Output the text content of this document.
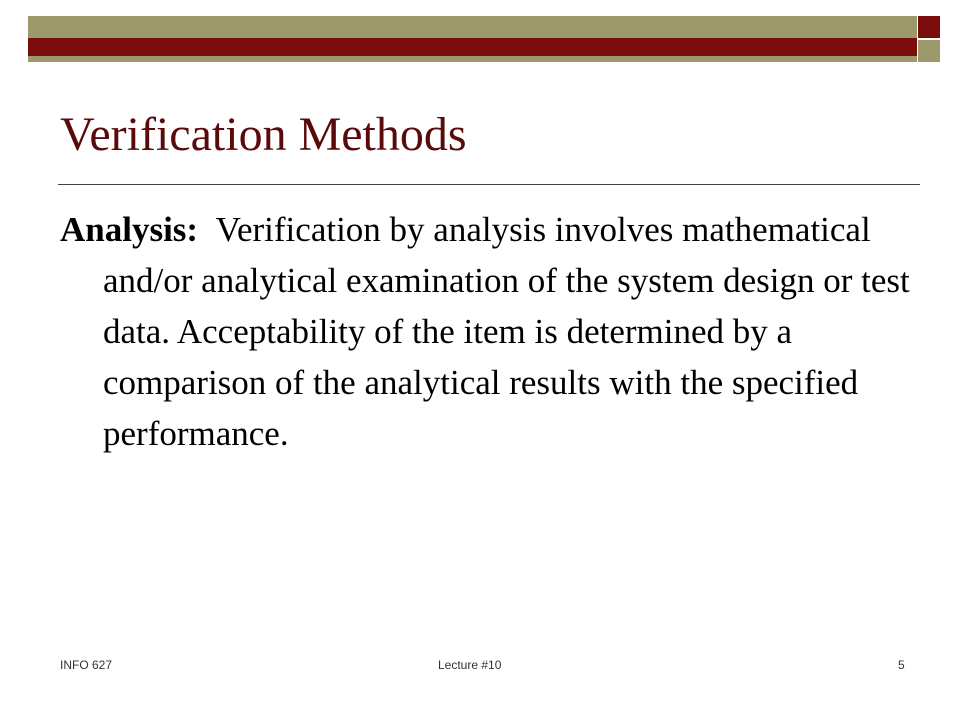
Verification Methods
Analysis: Verification by analysis involves mathematical and/or analytical examination of the system design or test data. Acceptability of the item is determined by a comparison of the analytical results with the specified performance.
INFO 627	Lecture #10	5
